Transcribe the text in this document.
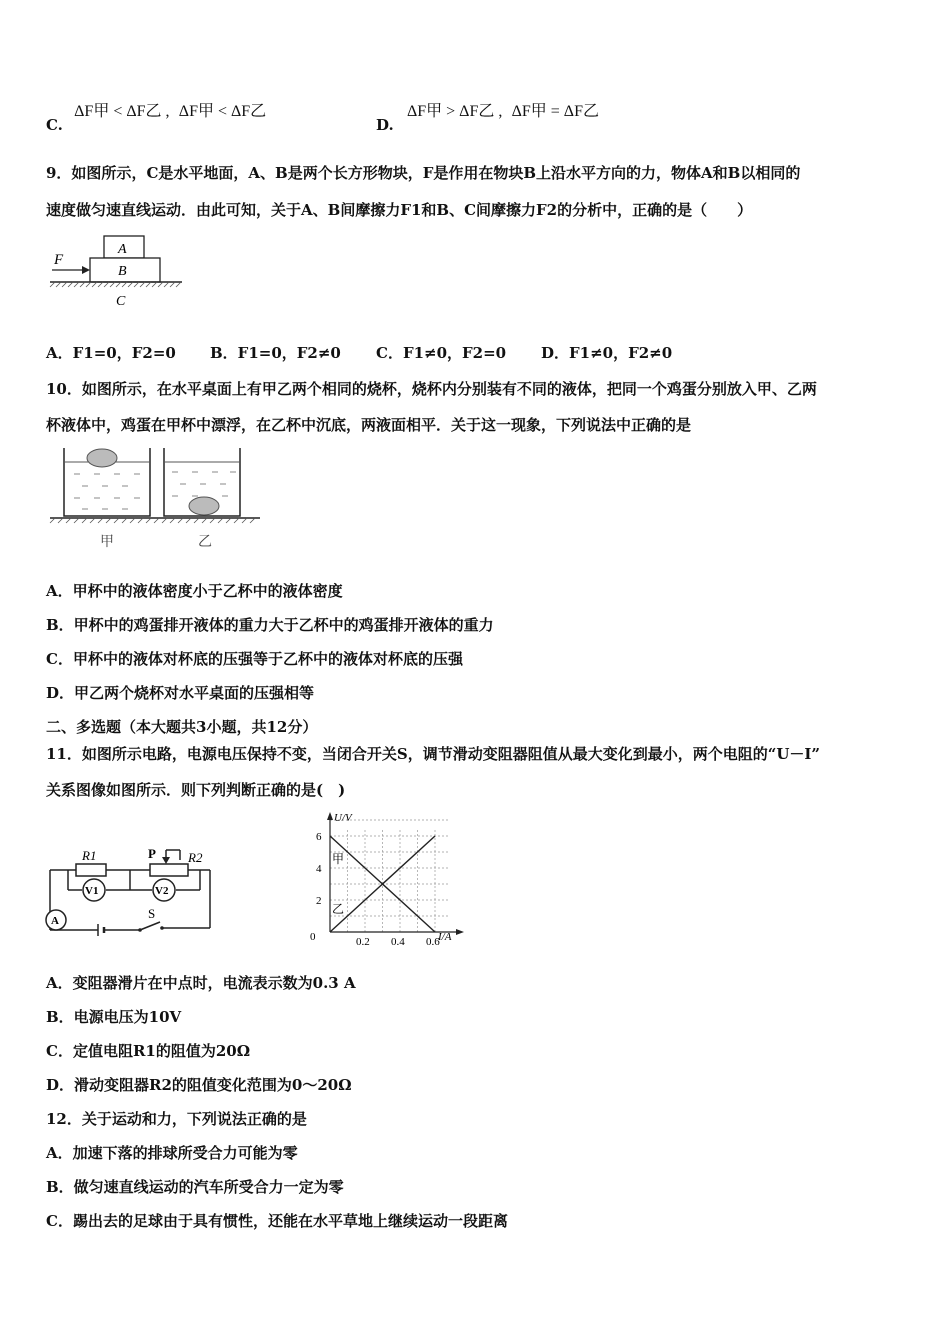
C. ΔF甲 < ΔF乙 , ΔF甲 < ΔF乙
D. ΔF甲 > ΔF乙 , ΔF甲 = ΔF乙
9．如图所示，C是水平地面，A、B是两个长方形物块，F是作用在物块B上沿水平方向的力，物体A和B以相同的
速度做匀速直线运动．由此可知，关于A、B间摩擦力F1和B、C间摩擦力F2的分析中，正确的是（　　）
F
A
B
C
A．F1=0，F2=0 B．F1=0，F2≠0 C．F1≠0，F2=0 D．F1≠0，F2≠0
10．如图所示，在水平桌面上有甲乙两个相同的烧杯，烧杯内分别装有不同的液体，把同一个鸡蛋分别放入甲、乙两
杯液体中，鸡蛋在甲杯中漂浮，在乙杯中沉底，两液面相平．关于这一现象，下列说法中正确的是
甲	乙
A．甲杯中的液体密度小于乙杯中的液体密度
B．甲杯中的鸡蛋排开液体的重力大于乙杯中的鸡蛋排开液体的重力
C．甲杯中的液体对杯底的压强等于乙杯中的液体对杯底的压强
D．甲乙两个烧杯对水平桌面的压强相等
二、多选题（本大题共3小题，共12分）
11．如图所示电路，电源电压保持不变，当闭合开关S，调节滑动变阻器阻值从最大变化到最小，两个电阻的“U－I”
关系图像如图所示．则下列判断正确的是(　)
R1	R2
P
V1	V2
A	S
0.2 0.4 0.6
2
4
6
甲
乙
0
U/V
I/A
A．变阻器滑片在中点时，电流表示数为0.3 A
B．电源电压为10V
C．定值电阻R1的阻值为20Ω
D．滑动变阻器R2的阻值变化范围为0～20Ω
12．关于运动和力，下列说法正确的是
A．加速下落的排球所受合力可能为零
B．做匀速直线运动的汽车所受合力一定为零
C．踢出去的足球由于具有惯性，还能在水平草地上继续运动一段距离
